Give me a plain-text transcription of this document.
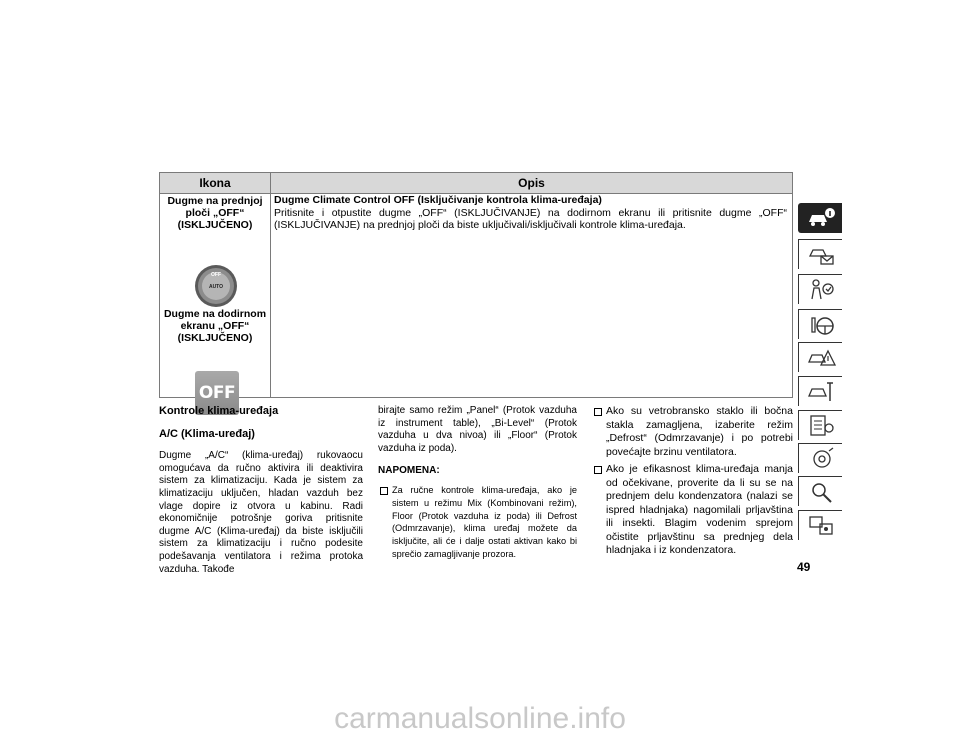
Ikona	Opis
Dugme na prednjoj ploči „OFF“ (ISKLJUČENO)
OFF
AUTO
Dugme na dodirnom ekranu „OFF“ (ISKLJUČENO)
OFF
Dugme Climate Control OFF (Isključivanje kontrola klima-uređaja)
Pritisnite i otpustite dugme „OFF“ (ISKLJUČIVANJE) na dodirnom ekranu ili pritisnite dugme „OFF“ (ISKLJUČIVANJE) na prednjoj ploči da biste uključivali/isključivali kontrole klima-uređaja.
Kontrole klima-uređaja
A/C (Klima-uređaj)

Dugme „A/C“ (klima-uređaj) rukovaocu omogućava da ručno aktivira ili deaktivira sistem za klimatizaciju. Kada je sistem za klimatizaciju uključen, hladan vazduh bez vlage dopire iz otvora u kabinu. Radi ekonomičnije potrošnje goriva pritisnite dugme A/C (Klima-uređaj) da biste isključili sistem za klimatizaciju i ručno podesite podešavanja ventilatora i režima protoka vazduha. Takođe

birajte samo režim „Panel“ (Protok vazduha iz instrument table), „Bi-Level“ (Protok vazduha u dva nivoa) ili „Floor“ (Protok vazduha iz poda).

NAPOMENA:
Za ručne kontrole klima-uređaja, ako je sistem u režimu Mix (Kombinovani režim), Floor (Protok vazduha iz poda) ili Defrost (Odmrzavanje), klima uređaj možete da isključite, ali će i dalje ostati aktivan kako bi sprečio zamagljivanje prozora.
Ako su vetrobransko staklo ili bočna stakla zamagljena, izaberite režim „Defrost“ (Odmrzavanje) i po potrebi povećajte brzinu ventilatora.
Ako je efikasnost klima-uređaja manja od očekivane, proverite da li su se na prednjem delu kondenzatora (nalazi se ispred hladnjaka) nagomilali prljavština ili insekti. Blagim vodenim sprejom očistite prljavštinu sa prednjeg dela hladnjaka i iz kondenzatora.
49
carmanualsonline.info
